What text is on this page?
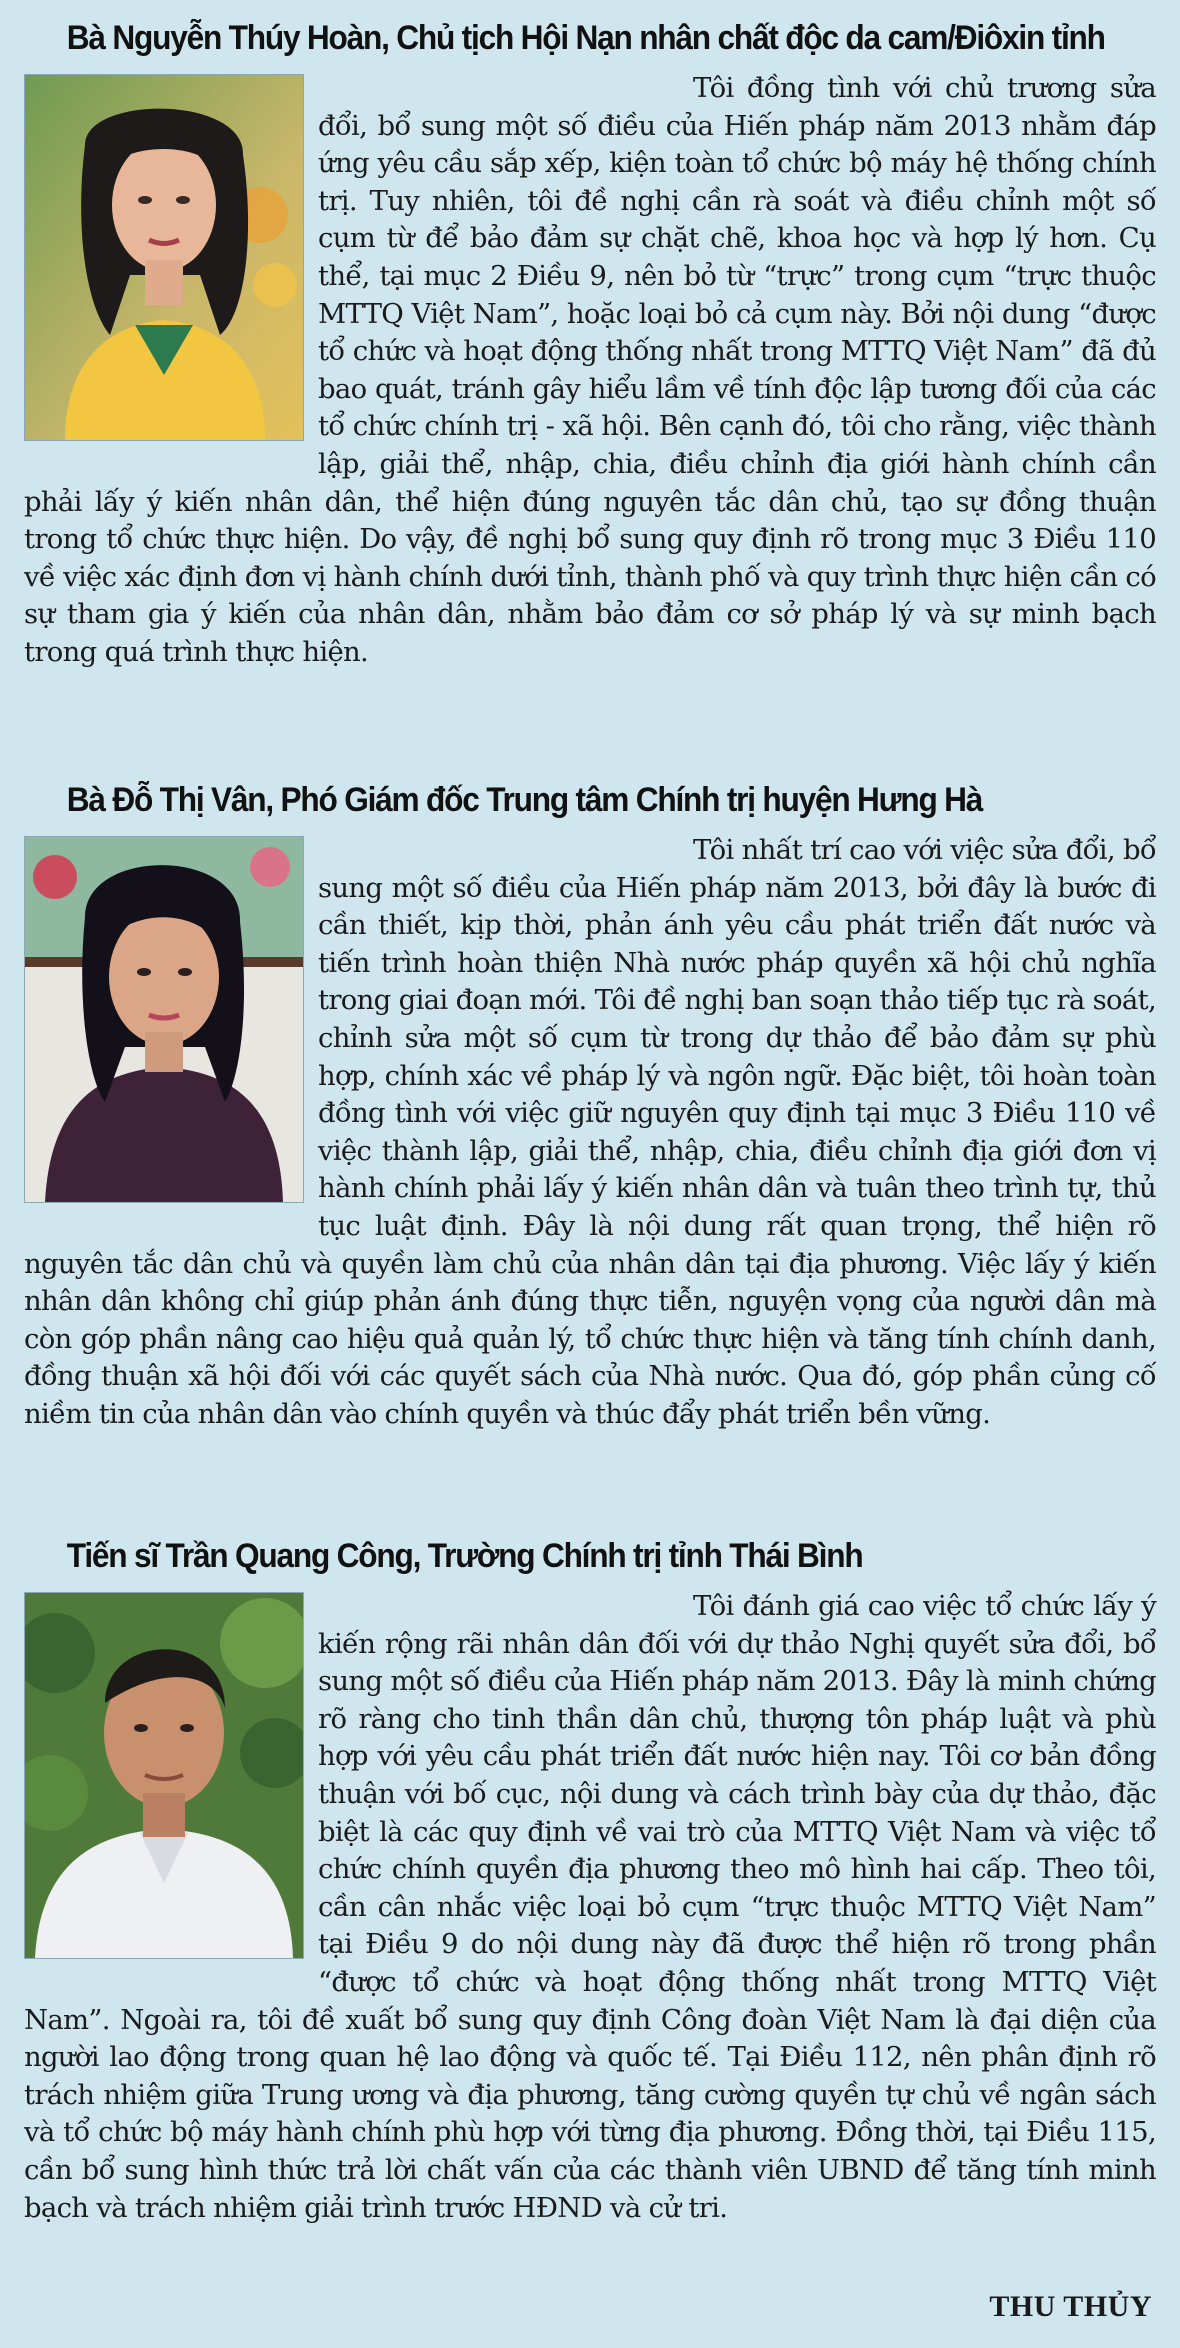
Bà Nguyễn Thúy Hoàn, Chủ tịch Hội Nạn nhân chất độc da cam/Điôxin tỉnh

Tôi đồng tình với chủ trương sửa đổi, bổ sung một số điều của Hiến pháp năm 2013 nhằm đáp ứng yêu cầu sắp xếp, kiện toàn tổ chức bộ máy hệ thống chính trị. Tuy nhiên, tôi đề nghị cần rà soát và điều chỉnh một số cụm từ để bảo đảm sự chặt chẽ, khoa học và hợp lý hơn. Cụ thể, tại mục 2 Điều 9, nên bỏ từ “trực” trong cụm “trực thuộc MTTQ Việt Nam”, hoặc loại bỏ cả cụm này. Bởi nội dung “được tổ chức và hoạt động thống nhất trong MTTQ Việt Nam” đã đủ bao quát, tránh gây hiểu lầm về tính độc lập tương đối của các tổ chức chính trị - xã hội. Bên cạnh đó, tôi cho rằng, việc thành lập, giải thể, nhập, chia, điều chỉnh địa giới hành chính cần phải lấy ý kiến nhân dân, thể hiện đúng nguyên tắc dân chủ, tạo sự đồng thuận trong tổ chức thực hiện. Do vậy, đề nghị bổ sung quy định rõ trong mục 3 Điều 110 về việc xác định đơn vị hành chính dưới tỉnh, thành phố và quy trình thực hiện cần có sự tham gia ý kiến của nhân dân, nhằm bảo đảm cơ sở pháp lý và sự minh bạch trong quá trình thực hiện.

Bà Đỗ Thị Vân, Phó Giám đốc Trung tâm Chính trị huyện Hưng Hà

Tôi nhất trí cao với việc sửa đổi, bổ sung một số điều của Hiến pháp năm 2013, bởi đây là bước đi cần thiết, kịp thời, phản ánh yêu cầu phát triển đất nước và tiến trình hoàn thiện Nhà nước pháp quyền xã hội chủ nghĩa trong giai đoạn mới. Tôi đề nghị ban soạn thảo tiếp tục rà soát, chỉnh sửa một số cụm từ trong dự thảo để bảo đảm sự phù hợp, chính xác về pháp lý và ngôn ngữ. Đặc biệt, tôi hoàn toàn đồng tình với việc giữ nguyên quy định tại mục 3 Điều 110 về việc thành lập, giải thể, nhập, chia, điều chỉnh địa giới đơn vị hành chính phải lấy ý kiến nhân dân và tuân theo trình tự, thủ tục luật định. Đây là nội dung rất quan trọng, thể hiện rõ nguyên tắc dân chủ và quyền làm chủ của nhân dân tại địa phương. Việc lấy ý kiến nhân dân không chỉ giúp phản ánh đúng thực tiễn, nguyện vọng của người dân mà còn góp phần nâng cao hiệu quả quản lý, tổ chức thực hiện và tăng tính chính danh, đồng thuận xã hội đối với các quyết sách của Nhà nước. Qua đó, góp phần củng cố niềm tin của nhân dân vào chính quyền và thúc đẩy phát triển bền vững.

Tiến sĩ Trần Quang Công, Trường Chính trị tỉnh Thái Bình

Tôi đánh giá cao việc tổ chức lấy ý kiến rộng rãi nhân dân đối với dự thảo Nghị quyết sửa đổi, bổ sung một số điều của Hiến pháp năm 2013. Đây là minh chứng rõ ràng cho tinh thần dân chủ, thượng tôn pháp luật và phù hợp với yêu cầu phát triển đất nước hiện nay. Tôi cơ bản đồng thuận với bố cục, nội dung và cách trình bày của dự thảo, đặc biệt là các quy định về vai trò của MTTQ Việt Nam và việc tổ chức chính quyền địa phương theo mô hình hai cấp. Theo tôi, cần cân nhắc việc loại bỏ cụm “trực thuộc MTTQ Việt Nam” tại Điều 9 do nội dung này đã được thể hiện rõ trong phần “được tổ chức và hoạt động thống nhất trong MTTQ Việt Nam”. Ngoài ra, tôi đề xuất bổ sung quy định Công đoàn Việt Nam là đại diện của người lao động trong quan hệ lao động và quốc tế. Tại Điều 112, nên phân định rõ trách nhiệm giữa Trung ương và địa phương, tăng cường quyền tự chủ về ngân sách và tổ chức bộ máy hành chính phù hợp với từng địa phương. Đồng thời, tại Điều 115, cần bổ sung hình thức trả lời chất vấn của các thành viên UBND để tăng tính minh bạch và trách nhiệm giải trình trước HĐND và cử tri.

THU THỦY
